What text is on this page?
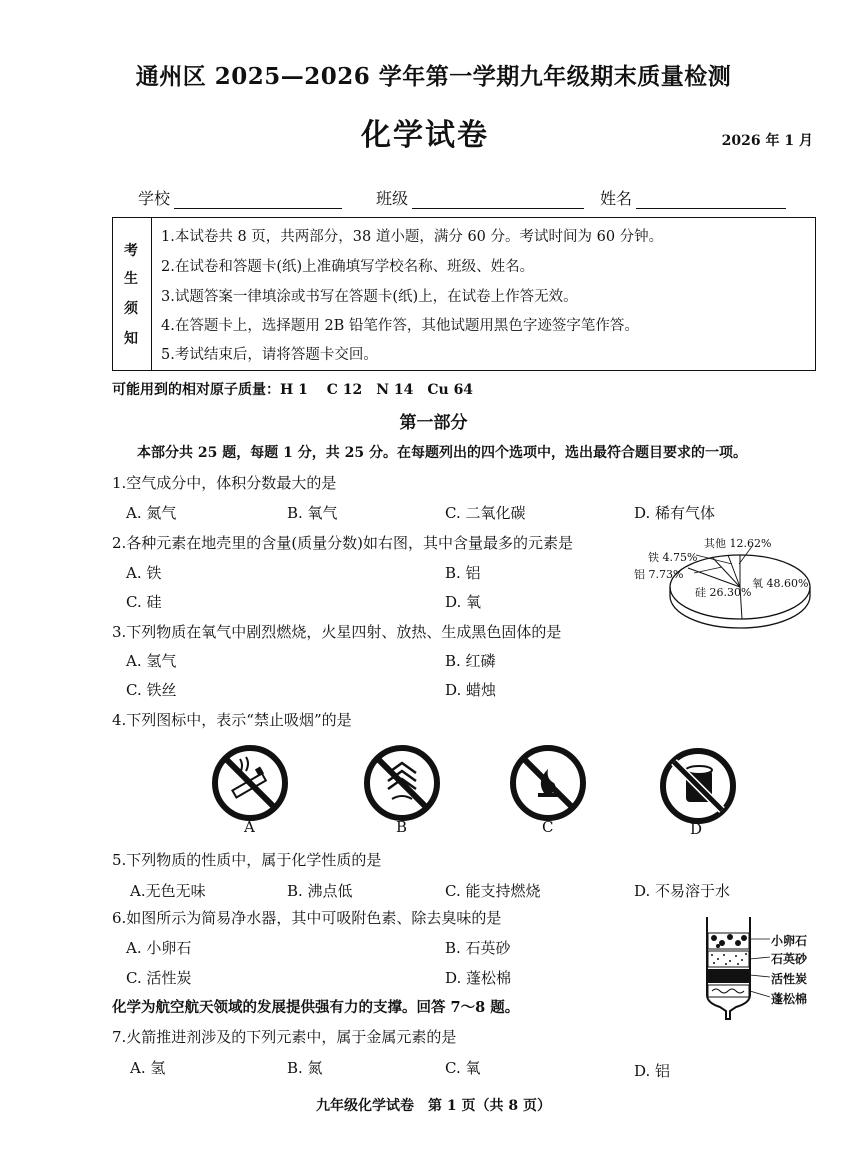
通州区 2025—2026 学年第一学期九年级期末质量检测
化学试卷	2026 年 1 月
学校	班级	姓名
考
生
须
知
1.本试卷共 8 页，共两部分，38 道小题，满分 60 分。考试时间为 60 分钟。
2.在试卷和答题卡(纸)上准确填写学校名称、班级、姓名。
3.试题答案一律填涂或书写在答题卡(纸)上，在试卷上作答无效。
4.在答题卡上，选择题用 2B 铅笔作答，其他试题用黑色字迹签字笔作答。
5.考试结束后，请将答题卡交回。
可能用到的相对原子质量：H 1　 C 12　N 14　Cu 64
第一部分
本部分共 25 题，每题 1 分，共 25 分。在每题列出的四个选项中，选出最符合题目要求的一项。
1.空气成分中，体积分数最大的是
A. 氮气	B. 氧气	C. 二氧化碳	D. 稀有气体
2.各种元素在地壳里的含量(质量分数)如右图，其中含量最多的元素是
A. 铁	B. 铝
C. 硅	D. 氧
其他 12.62%
铁 4.75%
铝 7.73%
硅 26.30%
氧 48.60%
3.下列物质在氧气中剧烈燃烧，火星四射、放热、生成黑色固体的是
A. 氢气	B. 红磷
C. 铁丝	D. 蜡烛
4.下列图标中，表示“禁止吸烟”的是
A	B	C	D
5.下列物质的性质中，属于化学性质的是
A.无色无味	B. 沸点低	C. 能支持燃烧	D. 不易溶于水
6.如图所示为简易净水器，其中可吸附色素、除去臭味的是
A. 小卵石	B. 石英砂
C. 活性炭	D. 蓬松棉
小卵石
石英砂
活性炭
蓬松棉
化学为航空航天领域的发展提供强有力的支撑。回答 7～8 题。
7.火箭推进剂涉及的下列元素中，属于金属元素的是
A. 氢	B. 氮	C. 氧	D. 铝
九年级化学试卷　第 1 页（共 8 页）
